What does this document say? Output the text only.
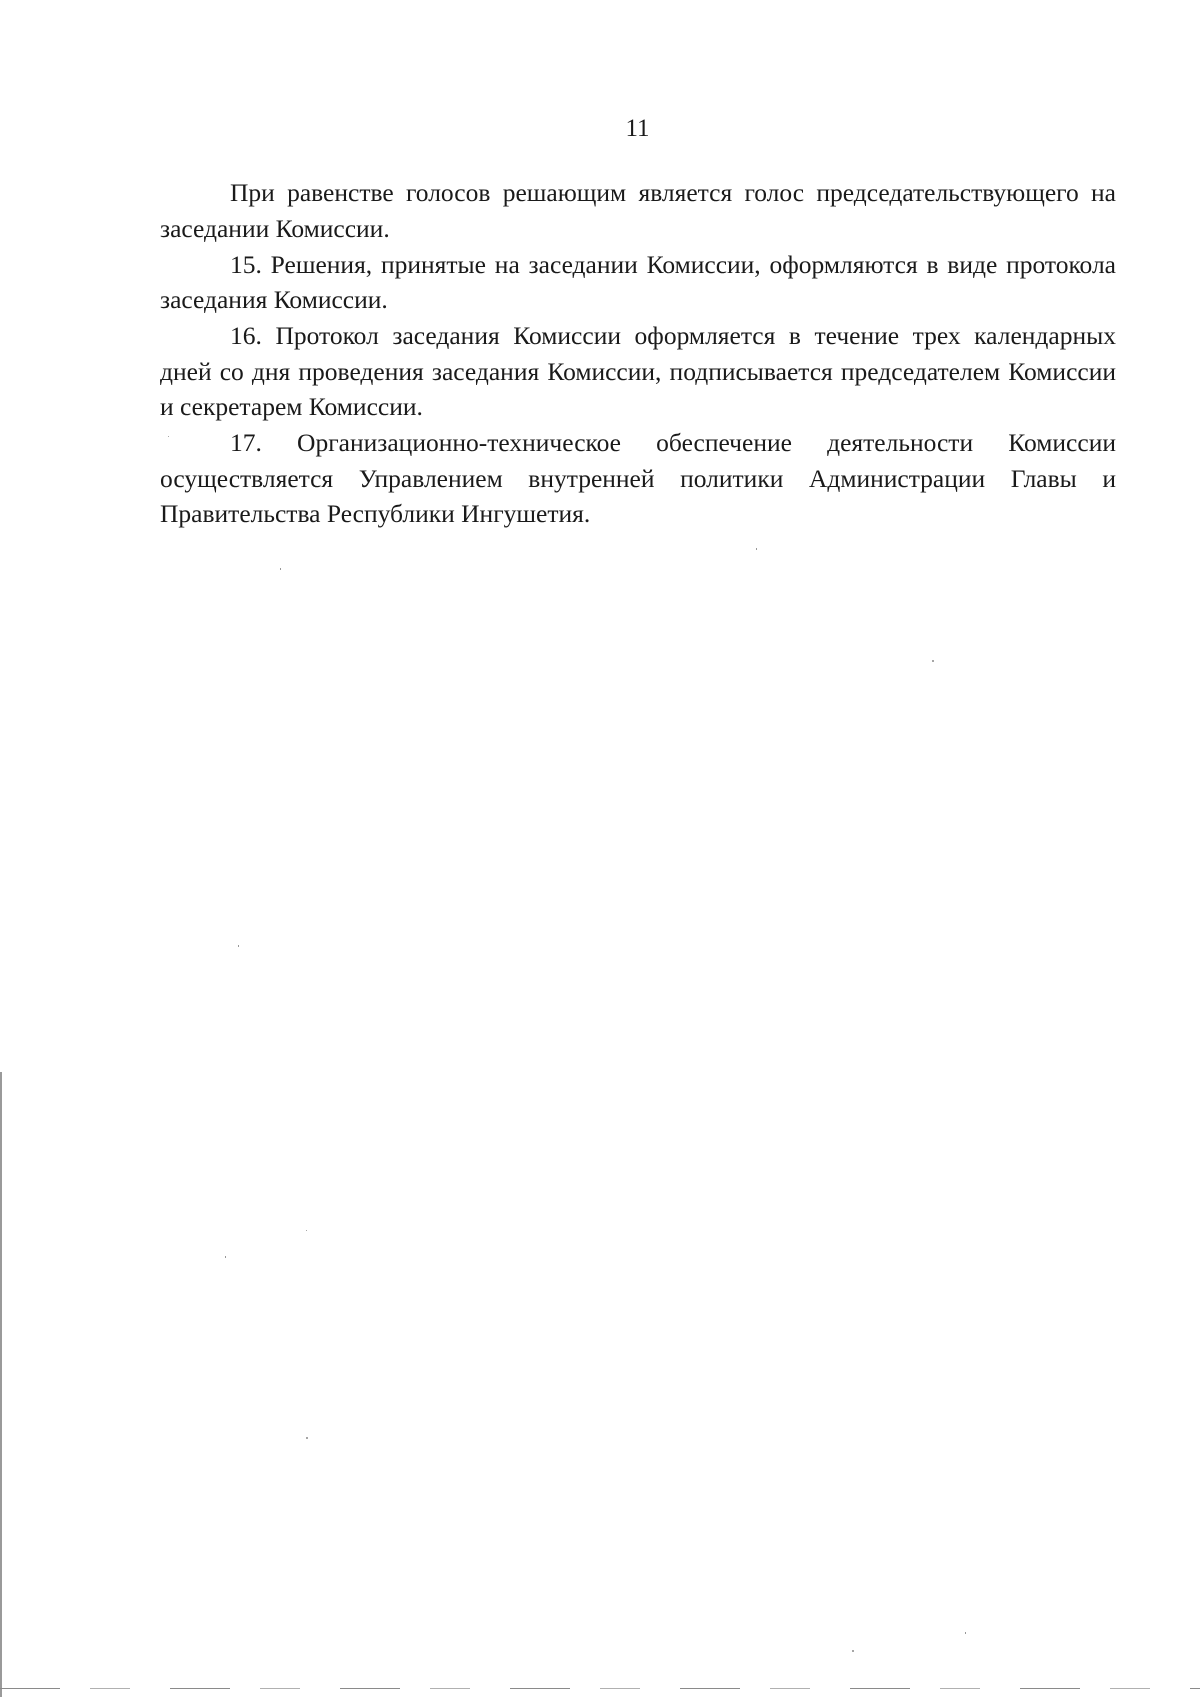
11

При равенстве голосов решающим является голос председательствующего на заседании Комиссии.

15. Решения, принятые на заседании Комиссии, оформляются в виде протокола заседания Комиссии.

16. Протокол заседания Комиссии оформляется в течение трех календарных дней со дня проведения заседания Комиссии, подписывается председателем Комиссии и секретарем Комиссии.

17. Организационно-техническое обеспечение деятельности Комиссии осуществляется Управлением внутренней политики Администрации Главы и Правительства Республики Ингушетия.
